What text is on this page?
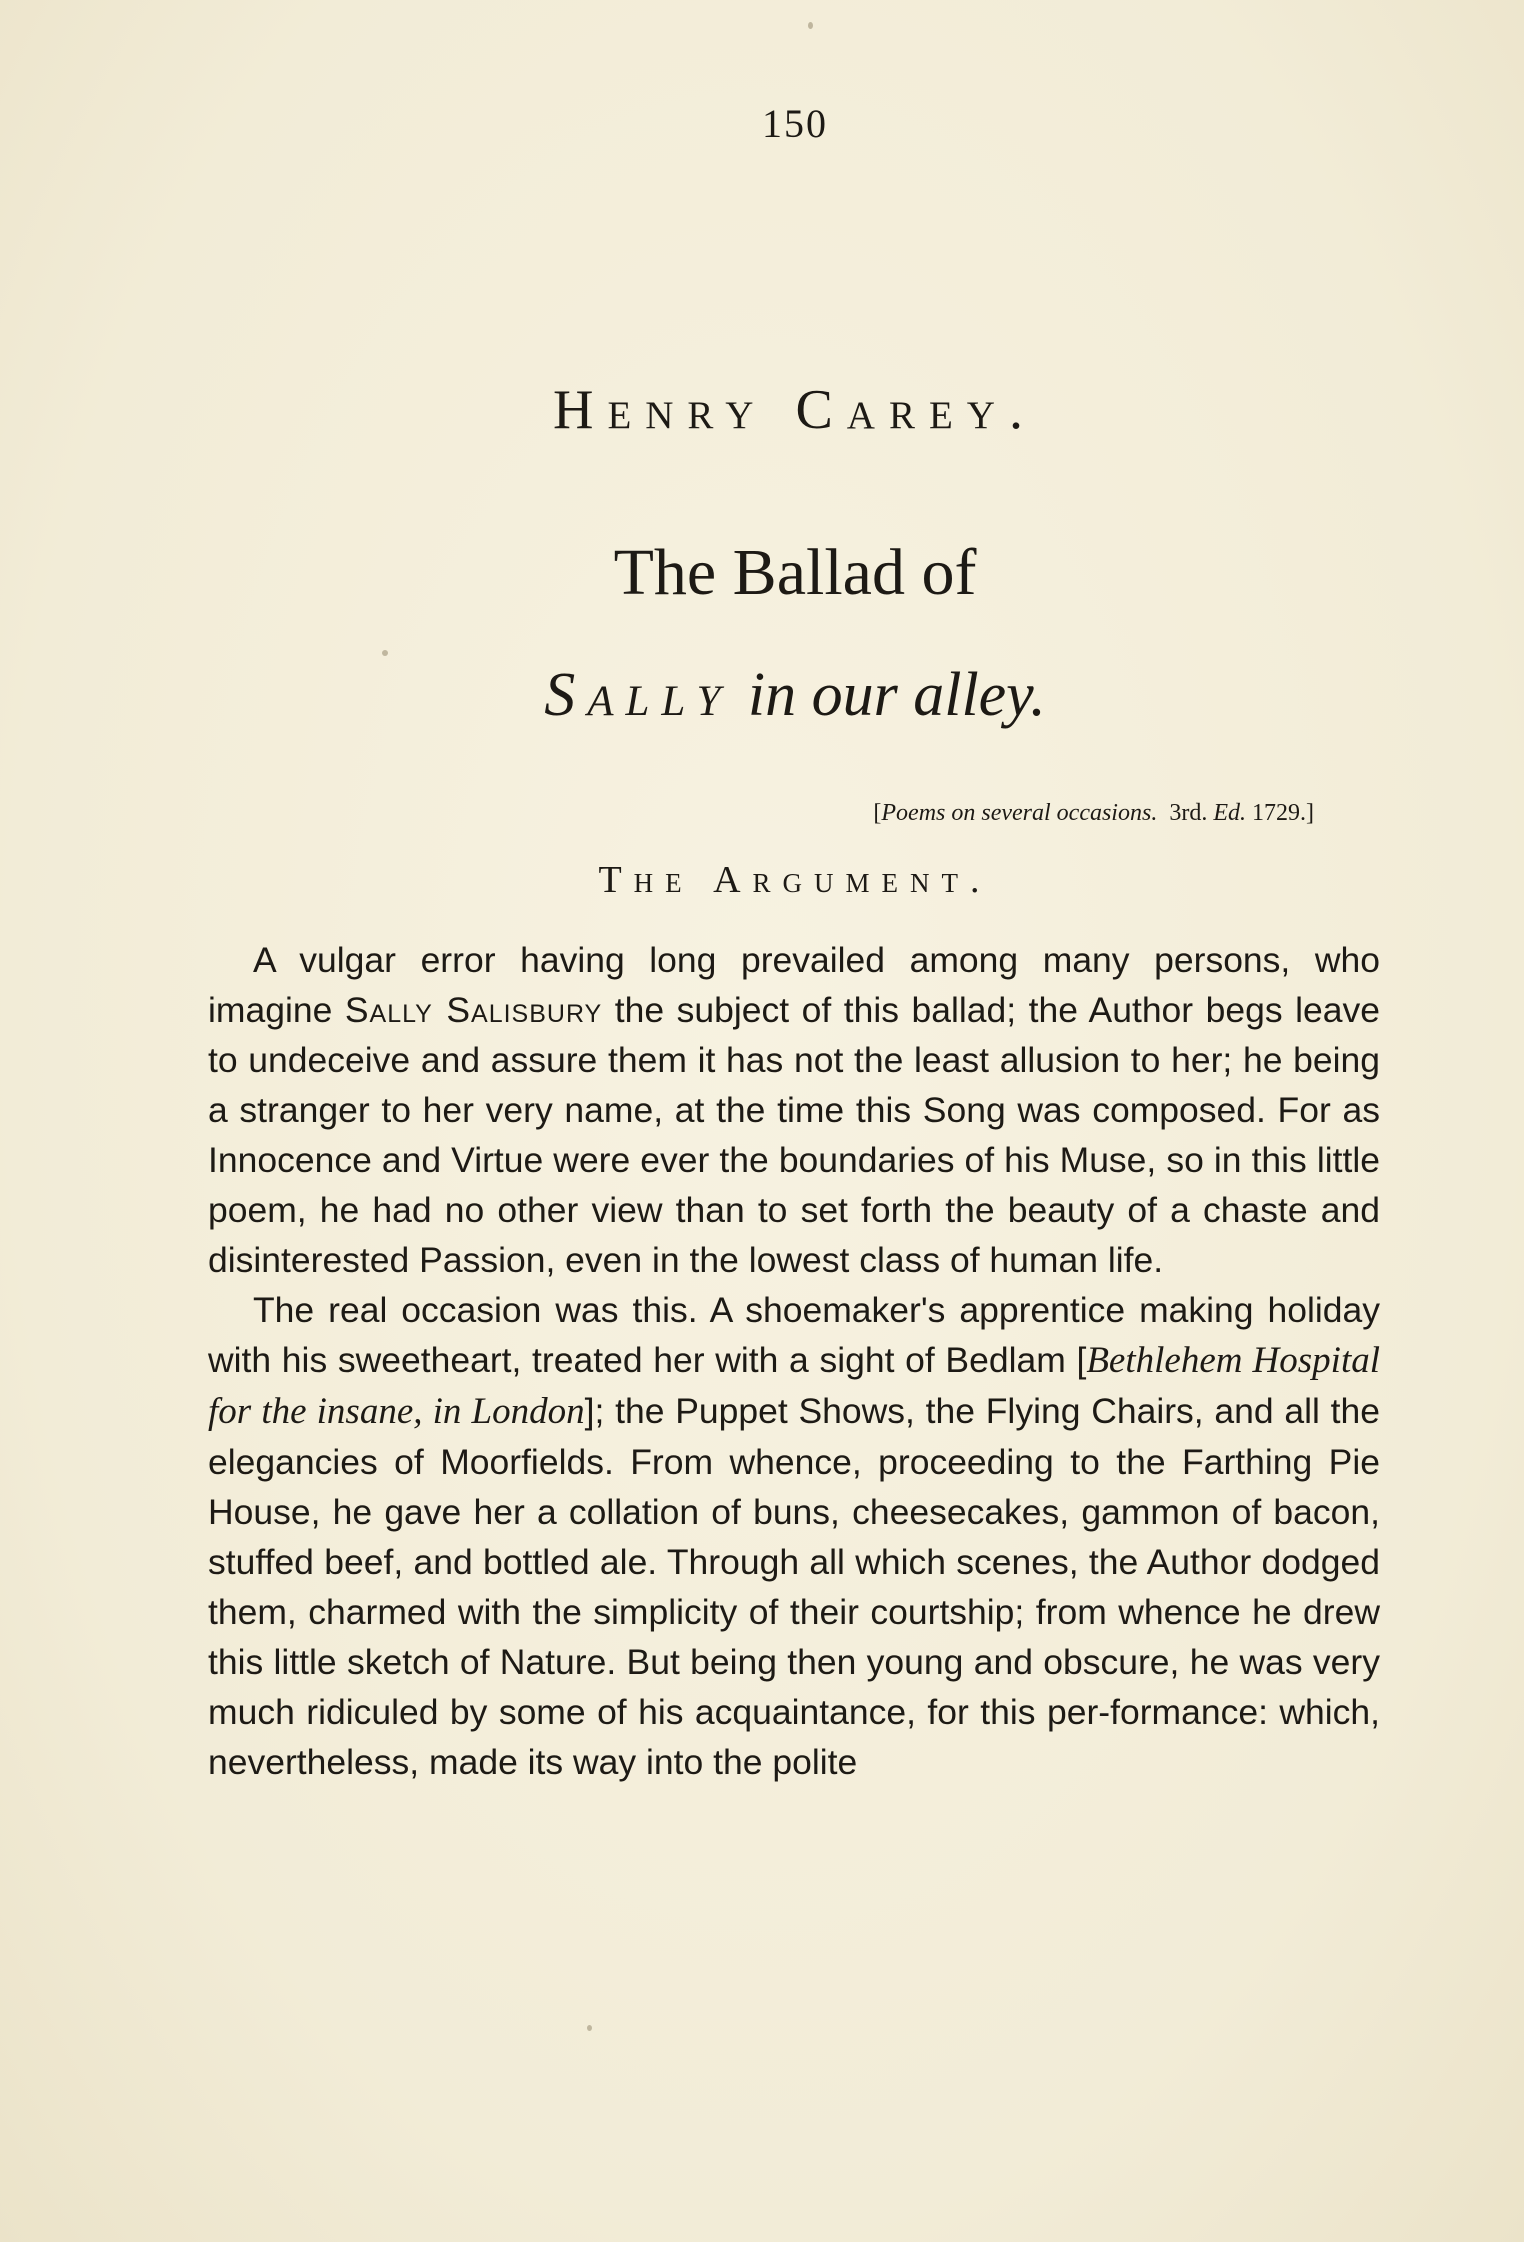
150
Henry Carey.
The Ballad of
Sally in our alley.
[Poems on several occasions. 3rd. Ed. 1729.]
The Argument.

A vulgar error having long prevailed among many persons, who imagine Sally Salisbury the subject of this ballad; the Author begs leave to undeceive and assure them it has not the least allusion to her; he being a stranger to her very name, at the time this Song was composed. For as Innocence and Virtue were ever the boundaries of his Muse, so in this little poem, he had no other view than to set forth the beauty of a chaste and disinterested Passion, even in the lowest class of human life.

The real occasion was this. A shoemaker's apprentice making holiday with his sweetheart, treated her with a sight of Bedlam [Bethlehem Hospital for the insane, in London]; the Puppet Shows, the Flying Chairs, and all the elegancies of Moorfields. From whence, proceeding to the Farthing Pie House, he gave her a collation of buns, cheesecakes, gammon of bacon, stuffed beef, and bottled ale. Through all which scenes, the Author dodged them, charmed with the simplicity of their courtship; from whence he drew this little sketch of Nature. But being then young and obscure, he was very much ridiculed by some of his acquaintance, for this per-formance: which, nevertheless, made its way into the polite
